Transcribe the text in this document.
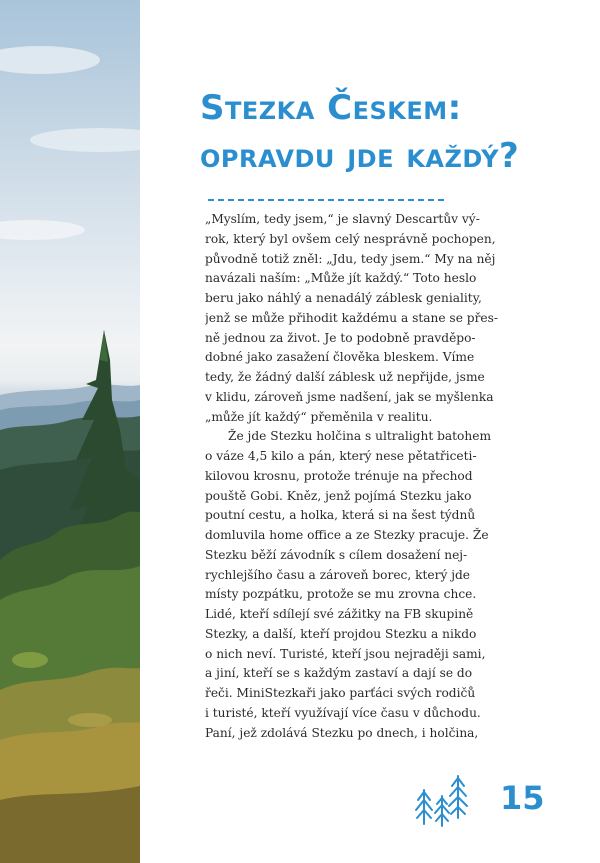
Stezka Českem:
opravdu jde každý?
„Myslím, tedy jsem,“ je slavný Descartův vý-
rok, který byl ovšem celý nesprávně pochopen,
původně totiž zněl: „Jdu, tedy jsem.“ My na něj
navázali naším: „Může jít každý.“ Toto heslo
beru jako náhlý a nenadálý záblesk geniality,
jenž se může přihodit každému a stane se přes-
ně jednou za život. Je to podobně pravděpo-
dobné jako zasažení člověka bleskem. Víme
tedy, že žádný další záblesk už nepřijde, jsme
v klidu, zároveň jsme nadšení, jak se myšlenka
„může jít každý“ přeměnila v realitu.
Že jde Stezku holčina s ultralight batohem
o váze 4,5 kilo a pán, který nese pětatřiceti-
kilovou krosnu, protože trénuje na přechod
pouště Gobi. Kněz, jenž pojímá Stezku jako
poutní cestu, a holka, která si na šest týdnů
domluvila home office a ze Stezky pracuje. Že
Stezku běží závodník s cílem dosažení nej-
rychlejšího času a zároveň borec, který jde
místy pozpátku, protože se mu zrovna chce.
Lidé, kteří sdílejí své zážitky na FB skupině
Stezky, a další, kteří projdou Stezku a nikdo
o nich neví. Turisté, kteří jsou nejraději sami,
a jiní, kteří se s každým zastaví a dají se do
řeči. MiniStezkaři jako parťáci svých rodičů
i turisté, kteří využívají více času v důchodu.
Paní, jež zdolává Stezku po dnech, i holčina,
15
